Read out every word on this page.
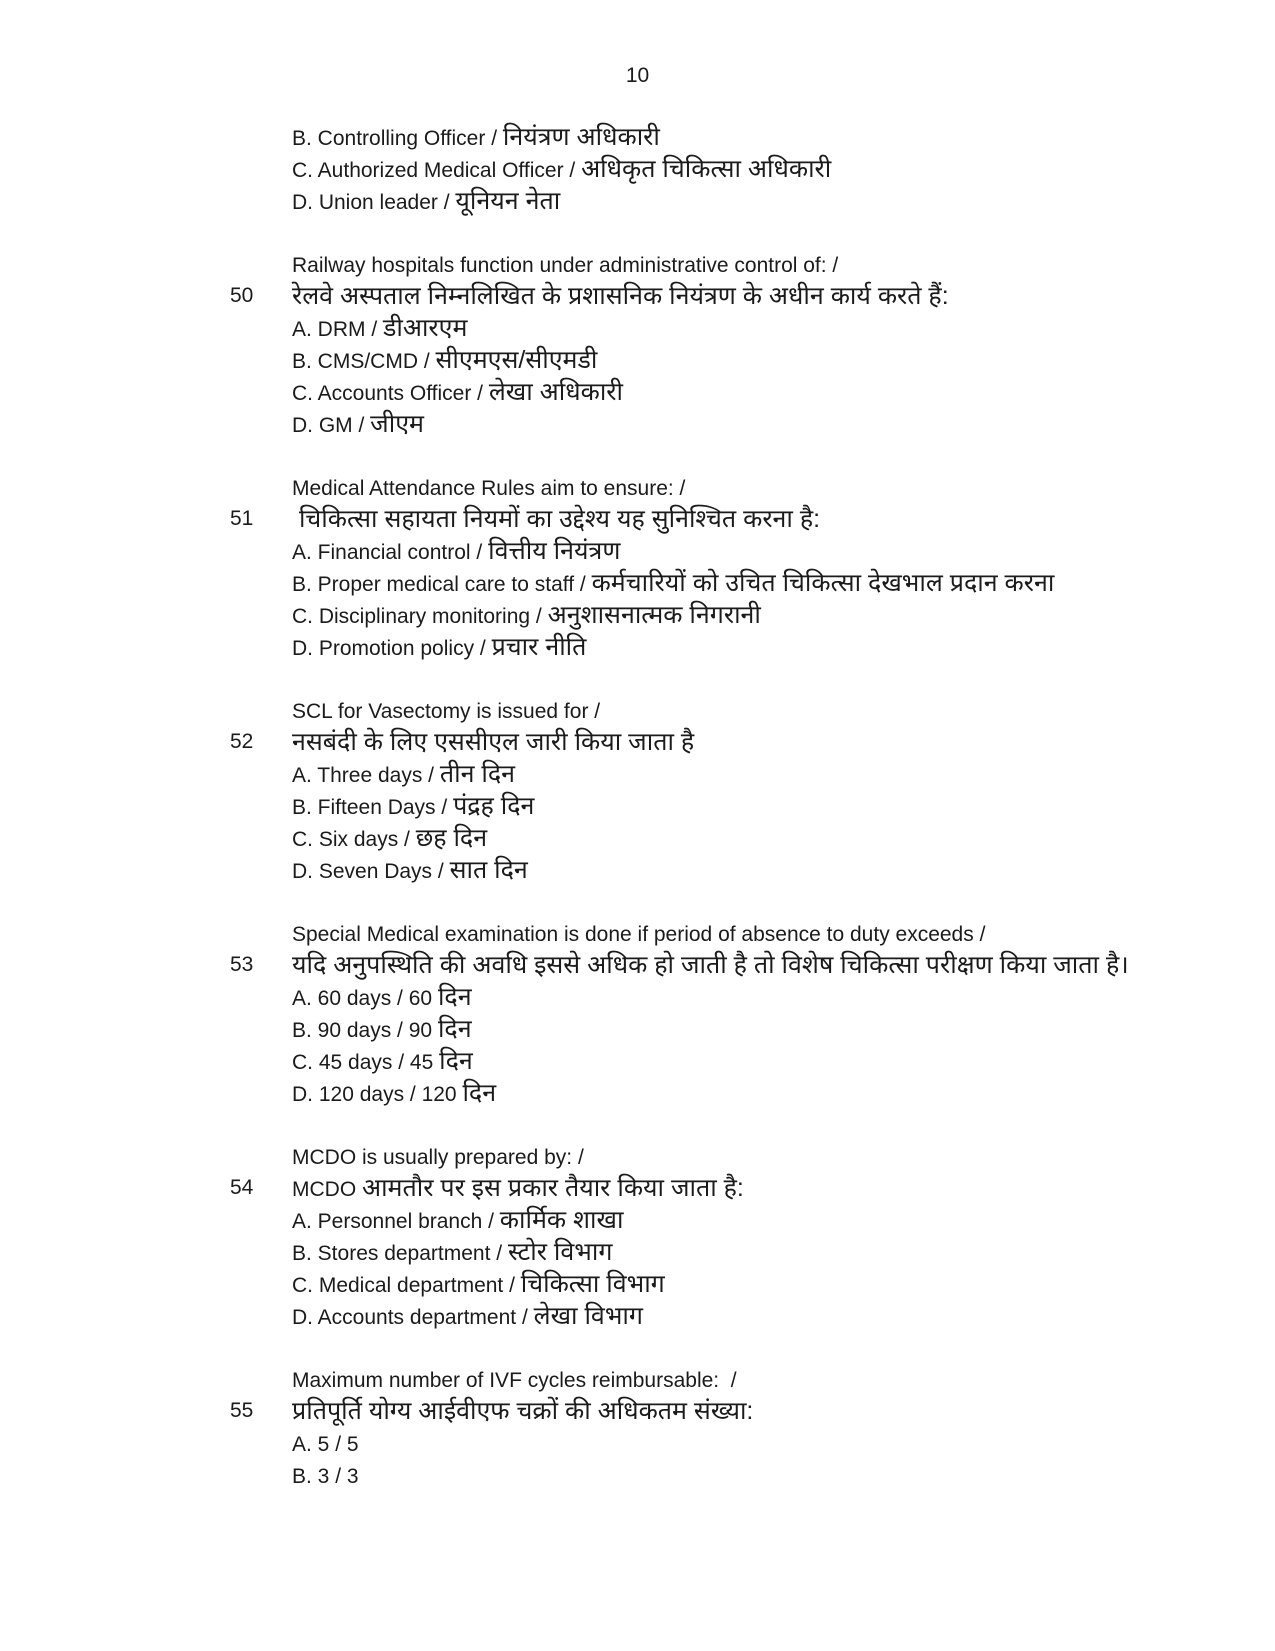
10
B. Controlling Officer / नियंत्रण अधिकारी
C. Authorized Medical Officer / अधिकृत चिकित्सा अधिकारी
D. Union leader / यूनियन नेता
50
Railway hospitals function under administrative control of: /
रेलवे अस्पताल निम्नलिखित के प्रशासनिक नियंत्रण के अधीन कार्य करते हैं:
A. DRM / डीआरएम
B. CMS/CMD / सीएमएस/सीएमडी
C. Accounts Officer / लेखा अधिकारी
D. GM / जीएम
51
Medical Attendance Rules aim to ensure: /
चिकित्सा सहायता नियमों का उद्देश्य यह सुनिश्चित करना है:
A. Financial control / वित्तीय नियंत्रण
B. Proper medical care to staff / कर्मचारियों को उचित चिकित्सा देखभाल प्रदान करना
C. Disciplinary monitoring / अनुशासनात्मक निगरानी
D. Promotion policy / प्रचार नीति
52
SCL for Vasectomy is issued for /
नसबंदी के लिए एससीएल जारी किया जाता है
A. Three days / तीन दिन
B. Fifteen Days / पंद्रह दिन
C. Six days / छह दिन
D. Seven Days / सात दिन
53
Special Medical examination is done if period of absence to duty exceeds /
यदि अनुपस्थिति की अवधि इससे अधिक हो जाती है तो विशेष चिकित्सा परीक्षण किया जाता है।
A. 60 days / 60 दिन
B. 90 days / 90 दिन
C. 45 days / 45 दिन
D. 120 days / 120 दिन
54
MCDO is usually prepared by: /
MCDO आमतौर पर इस प्रकार तैयार किया जाता है:
A. Personnel branch / कार्मिक शाखा
B. Stores department / स्टोर विभाग
C. Medical department / चिकित्सा विभाग
D. Accounts department / लेखा विभाग
55
Maximum number of IVF cycles reimbursable:  /
प्रतिपूर्ति योग्य आईवीएफ चक्रों की अधिकतम संख्या:
A. 5 / 5
B. 3 / 3
